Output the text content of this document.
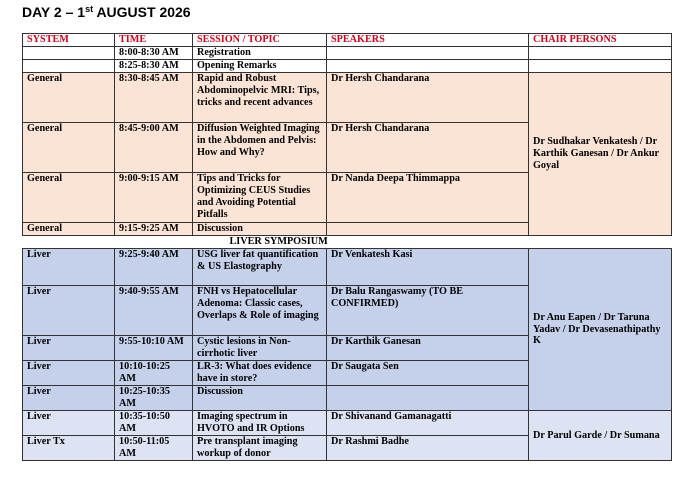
DAY 2 – 1st AUGUST 2026
SYSTEM	TIME	SESSION / TOPIC	SPEAKERS	CHAIR PERSONS
	8:00-8:30 AM	Registration		
	8:25-8:30 AM	Opening Remarks		
General	8:30-8:45 AM	Rapid and Robust Abdominopelvic MRI: Tips, tricks and recent advances	Dr Hersh Chandarana	Dr Sudhakar Venkatesh / Dr Karthik Ganesan / Dr Ankur Goyal
General	8:45-9:00 AM	Diffusion Weighted Imaging in the Abdomen and Pelvis: How and Why?	Dr Hersh Chandarana	
General	9:00-9:15 AM	Tips and Tricks for Optimizing CEUS Studies and Avoiding Potential Pitfalls	Dr Nanda Deepa Thimmappa	
General	9:15-9:25 AM	Discussion		
LIVER SYMPOSIUM				
Liver	9:25-9:40 AM	USG liver fat quantification & US Elastography	Dr Venkatesh Kasi	Dr Anu Eapen / Dr Taruna Yadav / Dr Devasenathipathy K
Liver	9:40-9:55 AM	FNH vs Hepatocellular Adenoma: Classic cases, Overlaps & Role of imaging	Dr Balu Rangaswamy (TO BE CONFIRMED)	
Liver	9:55-10:10 AM	Cystic lesions in Non-cirrhotic liver	Dr Karthik Ganesan	
Liver	10:10-10:25 AM	LR-3: What does evidence have in store?	Dr Saugata Sen	
Liver	10:25-10:35 AM	Discussion		
Liver	10:35-10:50 AM	Imaging spectrum in HVOTO and IR Options	Dr Shivanand Gamanagatti	Dr Parul Garde / Dr Sumana
Liver Tx	10:50-11:05 AM	Pre transplant imaging workup of donor	Dr Rashmi Badhe	
